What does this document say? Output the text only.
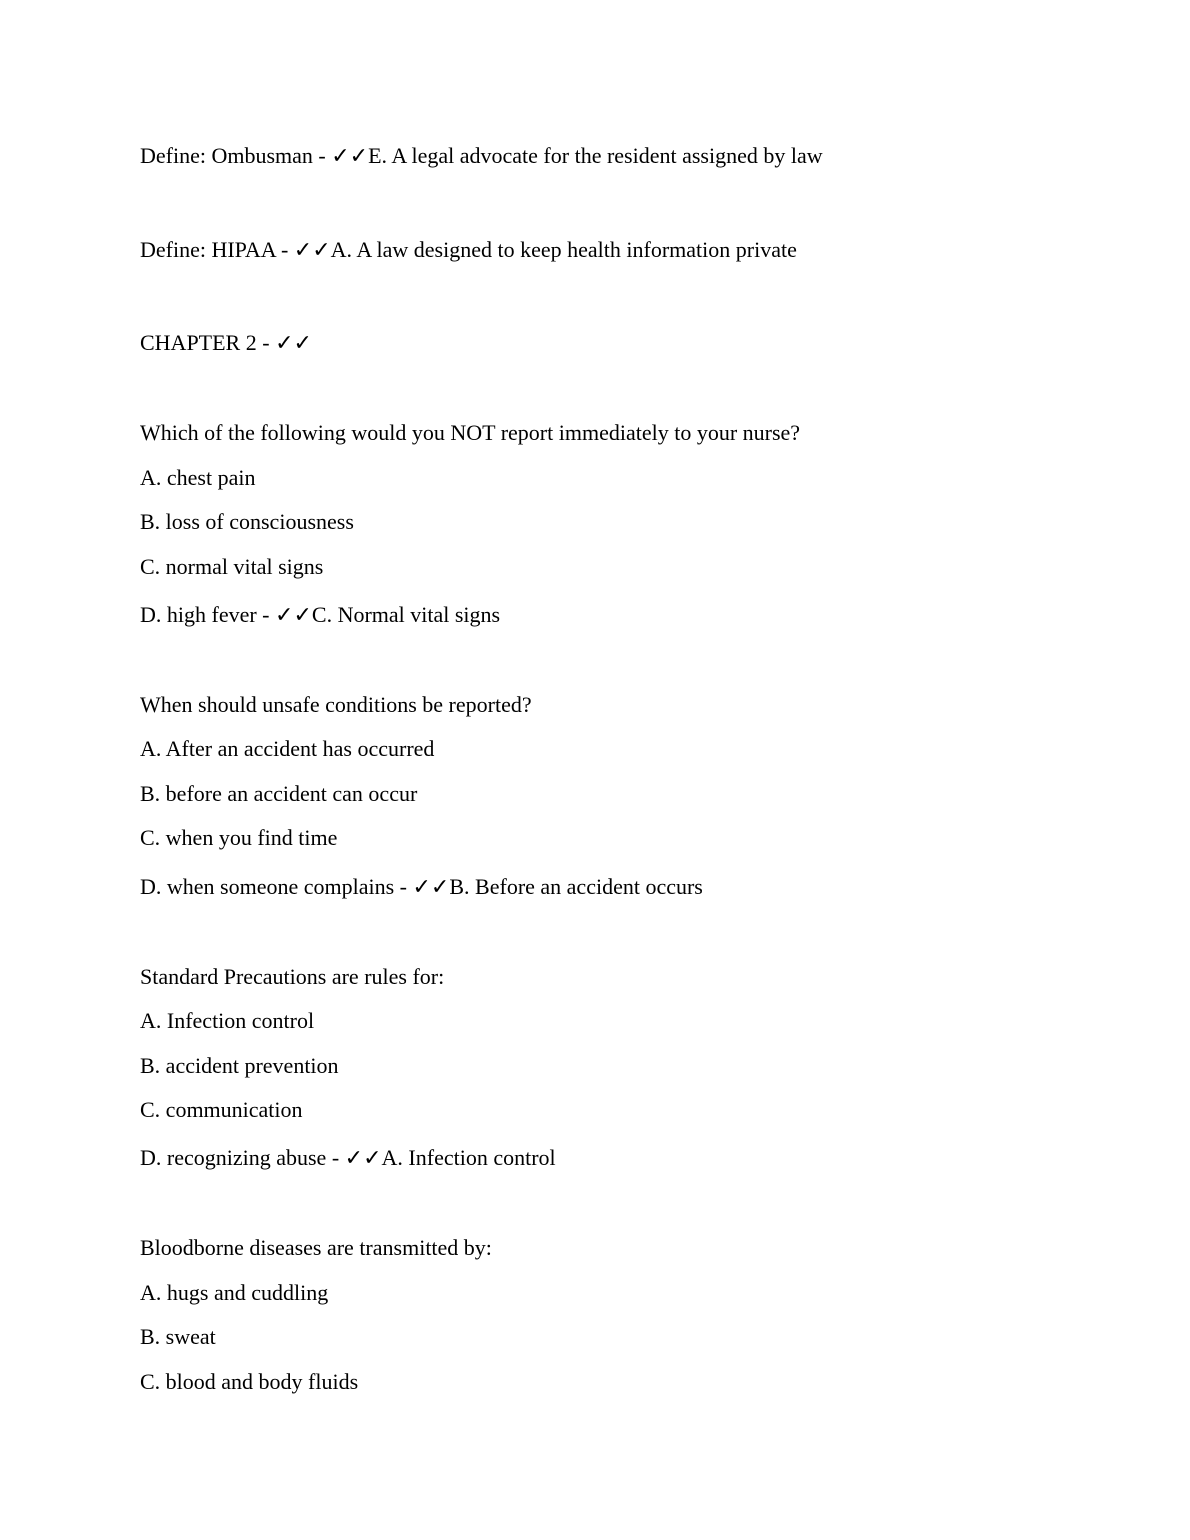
Define: Ombusman - ✓✓E. A legal advocate for the resident assigned by law
Define: HIPAA - ✓✓A. A law designed to keep health information private
CHAPTER 2 - ✓✓
Which of the following would you NOT report immediately to your nurse?
A. chest pain
B. loss of consciousness
C. normal vital signs
D. high fever - ✓✓C. Normal vital signs
When should unsafe conditions be reported?
A. After an accident has occurred
B. before an accident can occur
C. when you find time
D. when someone complains - ✓✓B. Before an accident occurs
Standard Precautions are rules for:
A. Infection control
B. accident prevention
C. communication
D. recognizing abuse - ✓✓A. Infection control
Bloodborne diseases are transmitted by:
A. hugs and cuddling
B. sweat
C. blood and body fluids
